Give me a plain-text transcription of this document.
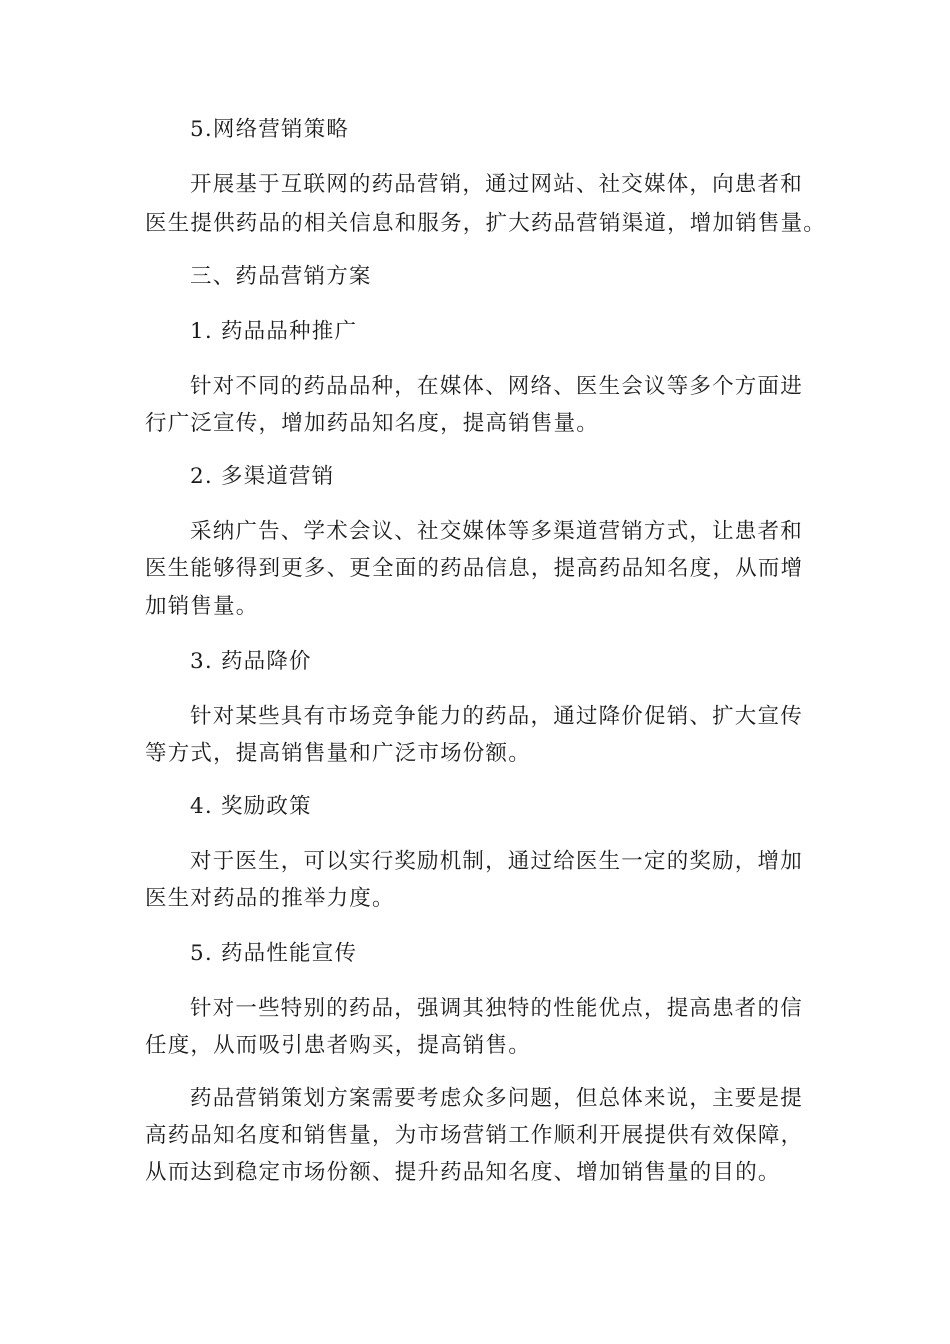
5.网络营销策略
开展基于互联网的药品营销，通过网站、社交媒体，向患者和
医生提供药品的相关信息和服务，扩大药品营销渠道，增加销售量。
三、药品营销方案
1. 药品品种推广
针对不同的药品品种，在媒体、网络、医生会议等多个方面进
行广泛宣传，增加药品知名度，提高销售量。
2. 多渠道营销
采纳广告、学术会议、社交媒体等多渠道营销方式，让患者和
医生能够得到更多、更全面的药品信息，提高药品知名度，从而增
加销售量。
3. 药品降价
针对某些具有市场竞争能力的药品，通过降价促销、扩大宣传
等方式，提高销售量和广泛市场份额。
4. 奖励政策
对于医生，可以实行奖励机制，通过给医生一定的奖励，增加
医生对药品的推举力度。
5. 药品性能宣传
针对一些特别的药品，强调其独特的性能优点，提高患者的信
任度，从而吸引患者购买，提高销售。
药品营销策划方案需要考虑众多问题，但总体来说，主要是提
高药品知名度和销售量，为市场营销工作顺利开展提供有效保障，
从而达到稳定市场份额、提升药品知名度、增加销售量的目的。
